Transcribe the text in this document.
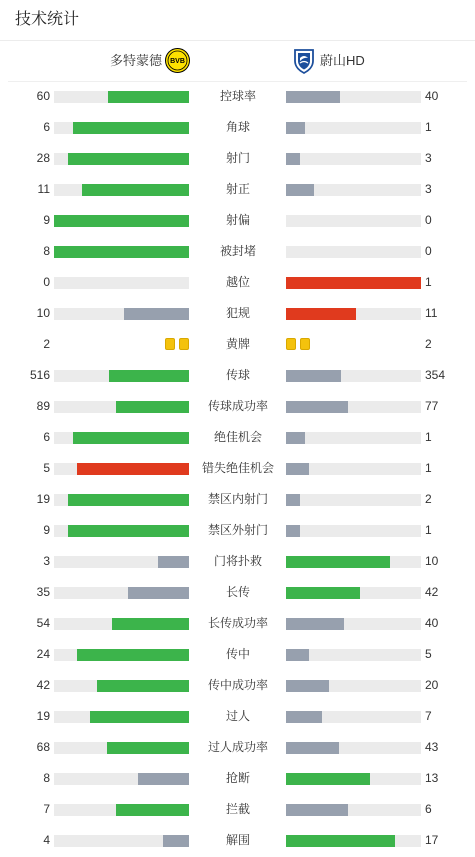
技术统计
多特蒙德 BVB	蔚山HD
60	控球率	40
6	角球	1
28	射门	3
11	射正	3
9	射偏	0
8	被封堵	0
0	越位	1
10	犯规	11
2	黄牌	2
516	传球	354
89	传球成功率	77
6	绝佳机会	1
5	错失绝佳机会	1
19	禁区内射门	2
9	禁区外射门	1
3	门将扑救	10
35	长传	42
54	长传成功率	40
24	传中	5
42	传中成功率	20
19	过人	7
68	过人成功率	43
8	抢断	13
7	拦截	6
4	解围	17
